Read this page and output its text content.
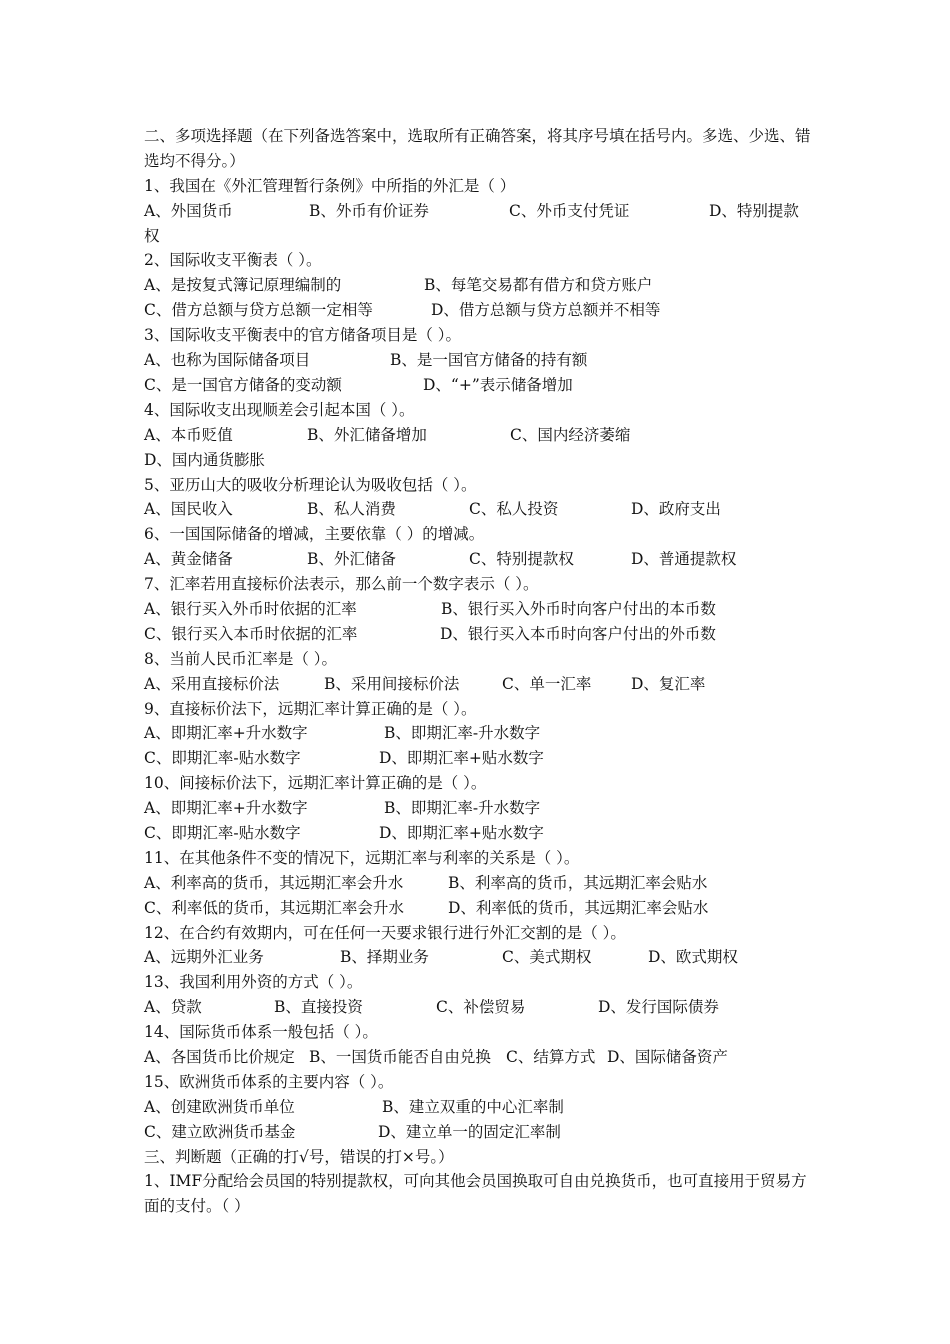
二、多项选择题（在下列备选答案中，选取所有正确答案，将其序号填在括号内。多选、少选、错选均不得分。）
1、我国在《外汇管理暂行条例》中所指的外汇是（ ）
A、外国货币	B、外币有价证券	C、外币支付凭证	D、特别提款
权
2、国际收支平衡表（ ）。
A、是按复式簿记原理编制的	B、每笔交易都有借方和贷方账户
C、借方总额与贷方总额一定相等	D、借方总额与贷方总额并不相等
3、国际收支平衡表中的官方储备项目是（ ）。
A、也称为国际储备项目	B、是一国官方储备的持有额
C、是一国官方储备的变动额	D、“+”表示储备增加
4、国际收支出现顺差会引起本国（ ）。
A、本币贬值	B、外汇储备增加	C、国内经济萎缩
D、国内通货膨胀
5、亚历山大的吸收分析理论认为吸收包括（ ）。
A、国民收入	B、私人消费	C、私人投资	D、政府支出
6、一国国际储备的增减，主要依靠（ ）的增减。
A、黄金储备	B、外汇储备	C、特别提款权	D、普通提款权
7、汇率若用直接标价法表示，那么前一个数字表示（ ）。
A、银行买入外币时依据的汇率	B、银行买入外币时向客户付出的本币数
C、银行买入本币时依据的汇率	D、银行买入本币时向客户付出的外币数
8、当前人民币汇率是（ ）。
A、采用直接标价法	B、采用间接标价法	C、单一汇率	D、复汇率
9、直接标价法下，远期汇率计算正确的是（ ）。
A、即期汇率+升水数字	B、即期汇率-升水数字
C、即期汇率-贴水数字	D、即期汇率+贴水数字
10、间接标价法下，远期汇率计算正确的是（ ）。
A、即期汇率+升水数字	B、即期汇率-升水数字
C、即期汇率-贴水数字	D、即期汇率+贴水数字
11、在其他条件不变的情况下，远期汇率与利率的关系是（ ）。
A、利率高的货币，其远期汇率会升水	B、利率高的货币，其远期汇率会贴水
C、利率低的货币，其远期汇率会升水	D、利率低的货币，其远期汇率会贴水
12、在合约有效期内，可在任何一天要求银行进行外汇交割的是（ ）。
A、远期外汇业务	B、择期业务	C、美式期权	D、欧式期权
13、我国利用外资的方式（ ）。
A、贷款	B、直接投资	C、补偿贸易	D、发行国际债券
14、国际货币体系一般包括（ ）。
A、各国货币比价规定 B、一国货币能否自由兑换 C、结算方式 D、国际储备资产
15、欧洲货币体系的主要内容（ ）。
A、创建欧洲货币单位	B、建立双重的中心汇率制
C、建立欧洲货币基金	D、建立单一的固定汇率制
三、判断题（正确的打√号，错误的打×号。）
1、IMF分配给会员国的特别提款权，可向其他会员国换取可自由兑换货币，也可直接用于贸易方面的支付。（ ）
